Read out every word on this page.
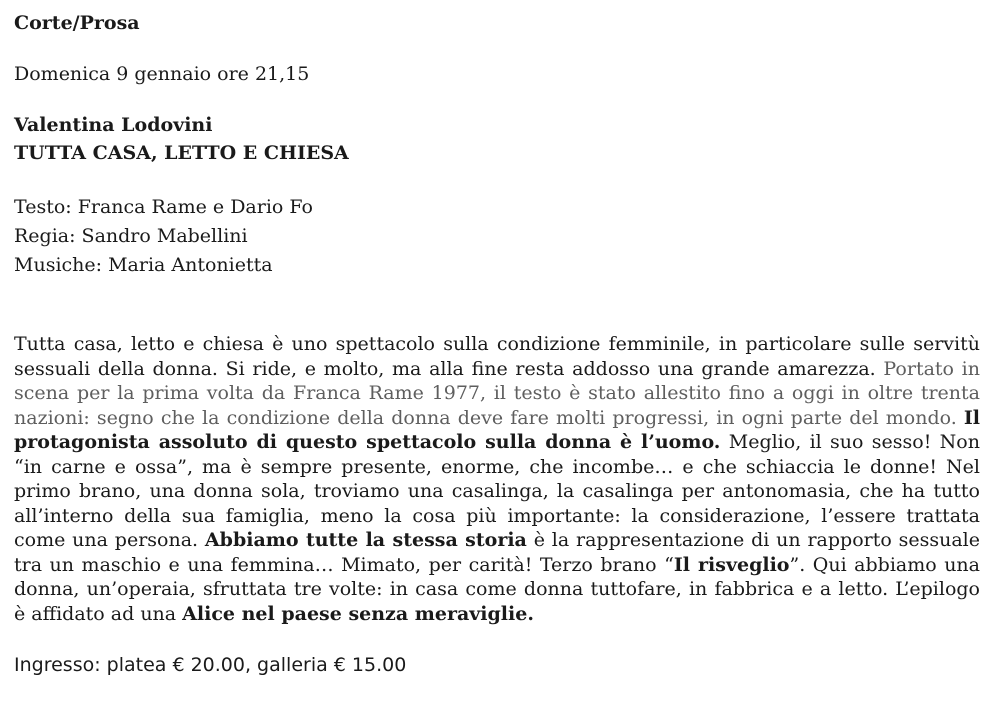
Corte/Prosa

Domenica 9 gennaio ore 21,15

Valentina Lodovini

TUTTA CASA, LETTO E CHIESA

Testo: Franca Rame e Dario Fo

Regia: Sandro Mabellini

Musiche: Maria Antonietta

Tutta casa, letto e chiesa è uno spettacolo sulla condizione femminile, in particolare sulle servitù sessuali della donna. Si ride, e molto, ma alla fine resta addosso una grande amarezza. Portato in scena per la prima volta da Franca Rame 1977, il testo è stato allestito fino a oggi in oltre trenta nazioni: segno che la condizione della donna deve fare molti progressi, in ogni parte del mondo. Il protagonista assoluto di questo spettacolo sulla donna è l’uomo. Meglio, il suo sesso! Non “in carne e ossa”, ma è sempre presente, enorme, che incombe… e che schiaccia le donne! Nel primo brano, una donna sola, troviamo una casalinga, la casalinga per antonomasia, che ha tutto all’interno della sua famiglia, meno la cosa più importante: la considerazione, l’essere trattata come una persona. Abbiamo tutte la stessa storia è la rappresentazione di un rapporto sessuale tra un maschio e una femmina… Mimato, per carità! Terzo brano “Il risveglio”. Qui abbiamo una donna, un’operaia, sfruttata tre volte: in casa come donna tuttofare, in fabbrica e a letto. L’epilogo è affidato ad una Alice nel paese senza meraviglie.

Ingresso: platea € 20.00, galleria € 15.00
